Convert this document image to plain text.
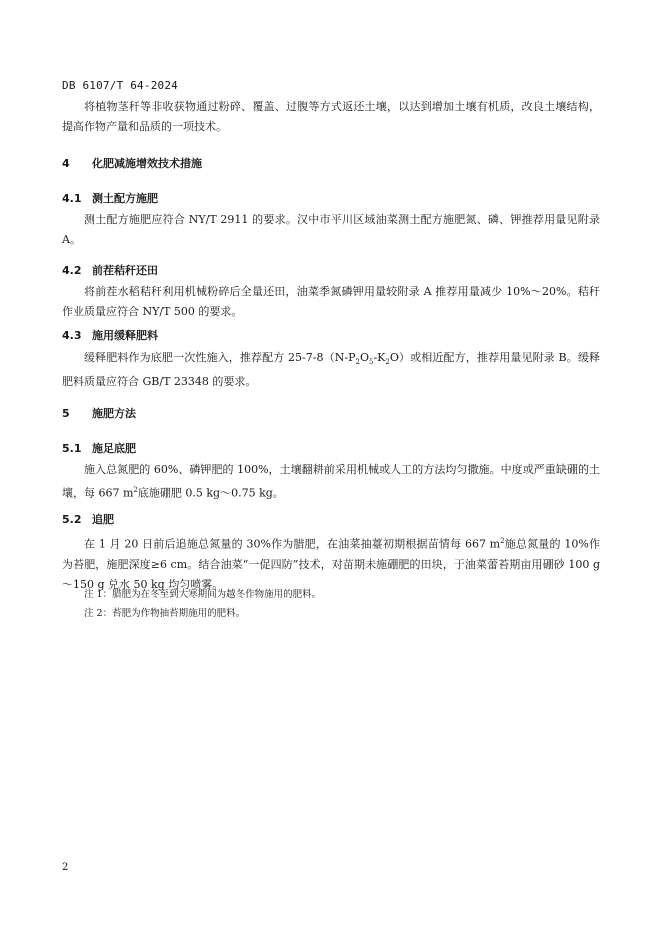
DB 6107/T 64-2024
将植物茎秆等非收获物通过粉碎、覆盖、过腹等方式返还土壤，以达到增加土壤有机质，改良土壤结构，提高作物产量和品质的一项技术。
4 化肥减施增效技术措施
4.1 测土配方施肥
测土配方施肥应符合 NY/T 2911 的要求。汉中市平川区域油菜测土配方施肥氮、磷、钾推荐用量见附录 A。
4.2 前茬秸秆还田
将前茬水稻秸秆利用机械粉碎后全量还田，油菜季氮磷钾用量较附录 A 推荐用量减少 10%～20%。秸秆作业质量应符合 NY/T 500 的要求。
4.3 施用缓释肥料
缓释肥料作为底肥一次性施入，推荐配方 $25-7-8(N-P_2O_5-K_2O)$或相近配方，推荐用量见附录 B。缓释肥料质量应符合 GB/T 23348 的要求。
5 施肥方法
5.1 施足底肥
施入总氮肥的 60%、磷钾肥的 100%，土壤翻耕前采用机械或人工的方法均匀撒施。中度或严重缺硼的土壤，每 667 $m^2$底施硼肥 0.5 kg～0.75 kg。
5.2 追肥
在 1 月 20 日前后追施总氮量的 30%作为腊肥，在油菜抽薹初期根据苗情每 667 $m^2$施总氮量的 10%作为苔肥，施肥深度≥6 cm。结合油菜“一促四防”技术，对苗期未施硼肥的田块，于油菜蕾苔期亩用硼砂 100 g～150 g 兑水 50 kg 均匀喷雾。
注 1：腊肥为在冬至到大寒期间为越冬作物施用的肥料。
注 2：苔肥为作物抽苔期施用的肥料。
2
